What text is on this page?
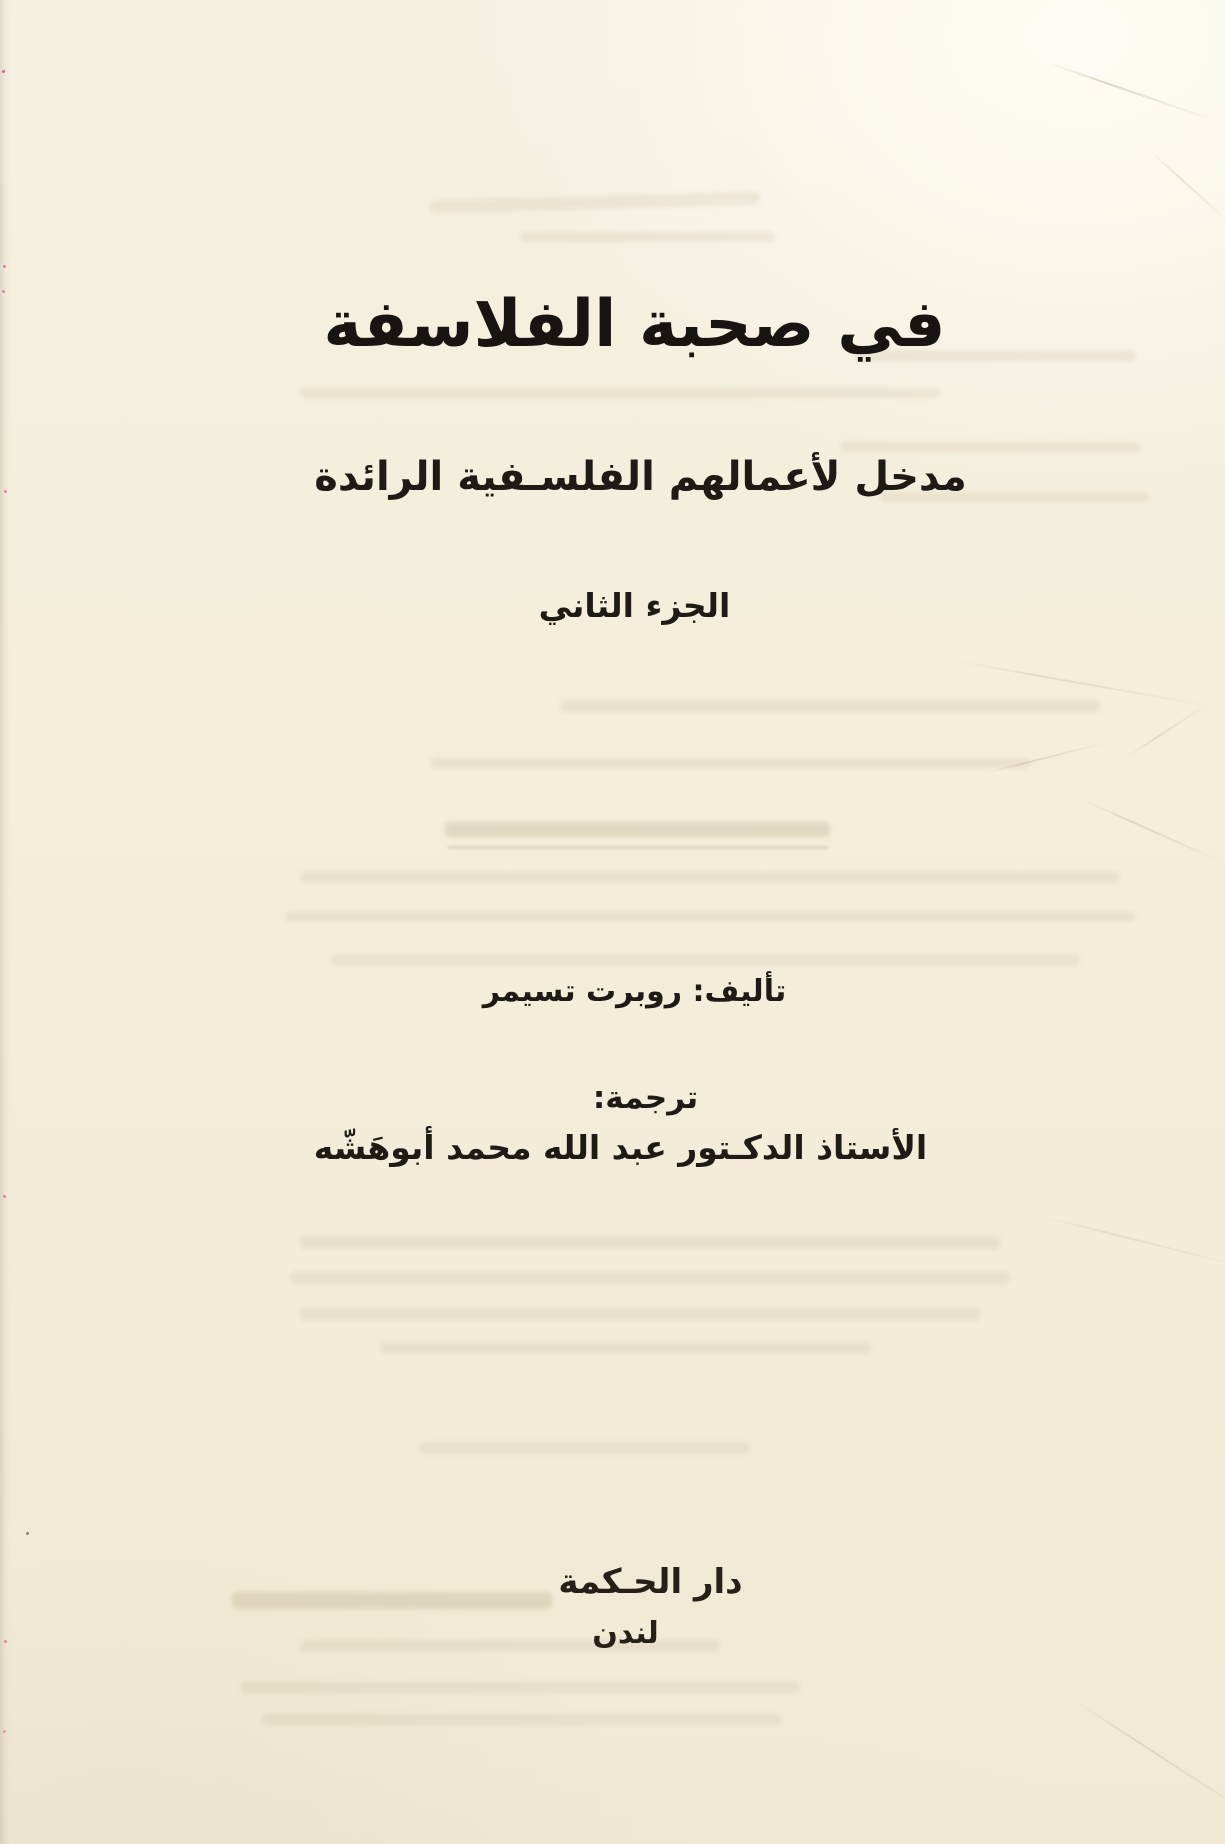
في صحبة الفلاسفة
مدخل لأعمالهم الفلسـفية الرائدة
الجزء الثاني
تأليف: روبرت تسيمر
ترجمة:
الأستاذ الدكـتور عبد الله محمد أبوهَشّه
دار الحـكمة
لندن
